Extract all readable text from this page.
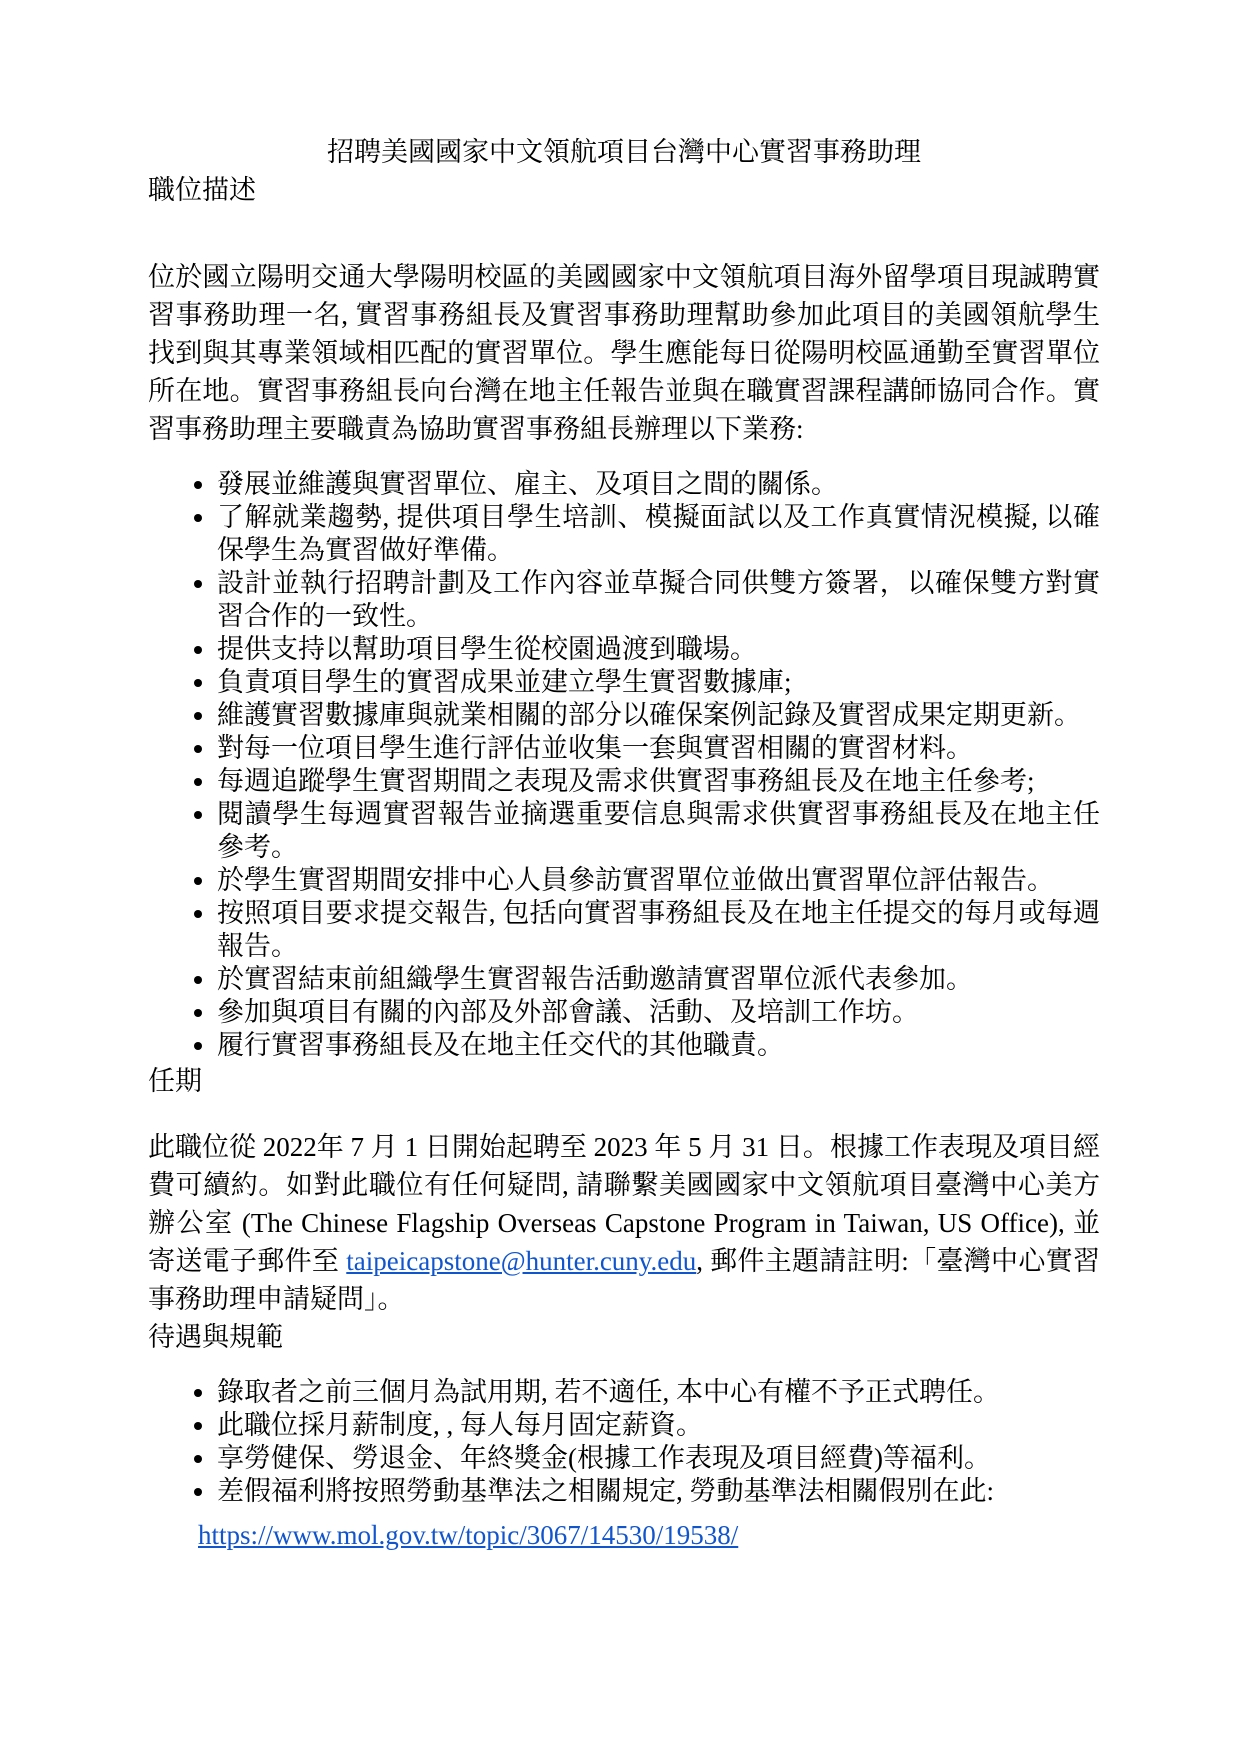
招聘美國國家中文領航項目台灣中心實習事務助理
職位描述

位於國立陽明交通大學陽明校區的美國國家中文領航項目海外留學項目現誠聘實習事務助理一名, 實習事務組長及實習事務助理幫助參加此項目的美國領航學生找到與其專業領域相匹配的實習單位。學生應能每日從陽明校區通勤至實習單位所在地。實習事務組長向台灣在地主任報告並與在職實習課程講師協同合作。實習事務助理主要職責為協助實習事務組長辦理以下業務:

• 發展並維護與實習單位、雇主、及項目之間的關係。
• 了解就業趨勢, 提供項目學生培訓、模擬面試以及工作真實情況模擬, 以確保學生為實習做好準備。
• 設計並執行招聘計劃及工作內容並草擬合同供雙方簽署，以確保雙方對實習合作的一致性。
• 提供支持以幫助項目學生從校園過渡到職場。
• 負責項目學生的實習成果並建立學生實習數據庫;
• 維護實習數據庫與就業相關的部分以確保案例記錄及實習成果定期更新。
• 對每一位項目學生進行評估並收集一套與實習相關的實習材料。
• 每週追蹤學生實習期間之表現及需求供實習事務組長及在地主任參考;
• 閱讀學生每週實習報告並摘選重要信息與需求供實習事務組長及在地主任參考。
• 於學生實習期間安排中心人員參訪實習單位並做出實習單位評估報告。
• 按照項目要求提交報告, 包括向實習事務組長及在地主任提交的每月或每週報告。
• 於實習結束前組織學生實習報告活動邀請實習單位派代表參加。
• 參加與項目有關的內部及外部會議、活動、及培訓工作坊。
• 履行實習事務組長及在地主任交代的其他職責。
任期

此職位從 2022年 7 月 1 日開始起聘至 2023 年 5 月 31 日。根據工作表現及項目經費可續約。如對此職位有任何疑問, 請聯繫美國國家中文領航項目臺灣中心美方辦公室 (The Chinese Flagship Overseas Capstone Program in Taiwan, US Office), 並寄送電子郵件至 taipeicapstone@hunter.cuny.edu, 郵件主題請註明:「臺灣中心實習事務助理申請疑問」。

待遇與規範
• 錄取者之前三個月為試用期, 若不適任, 本中心有權不予正式聘任。
• 此職位採月薪制度, , 每人每月固定薪資。
• 享勞健保、勞退金、年終獎金(根據工作表現及項目經費)等福利。
• 差假福利將按照勞動基準法之相關規定, 勞動基準法相關假別在此:

https://www.mol.gov.tw/topic/3067/14530/19538/
